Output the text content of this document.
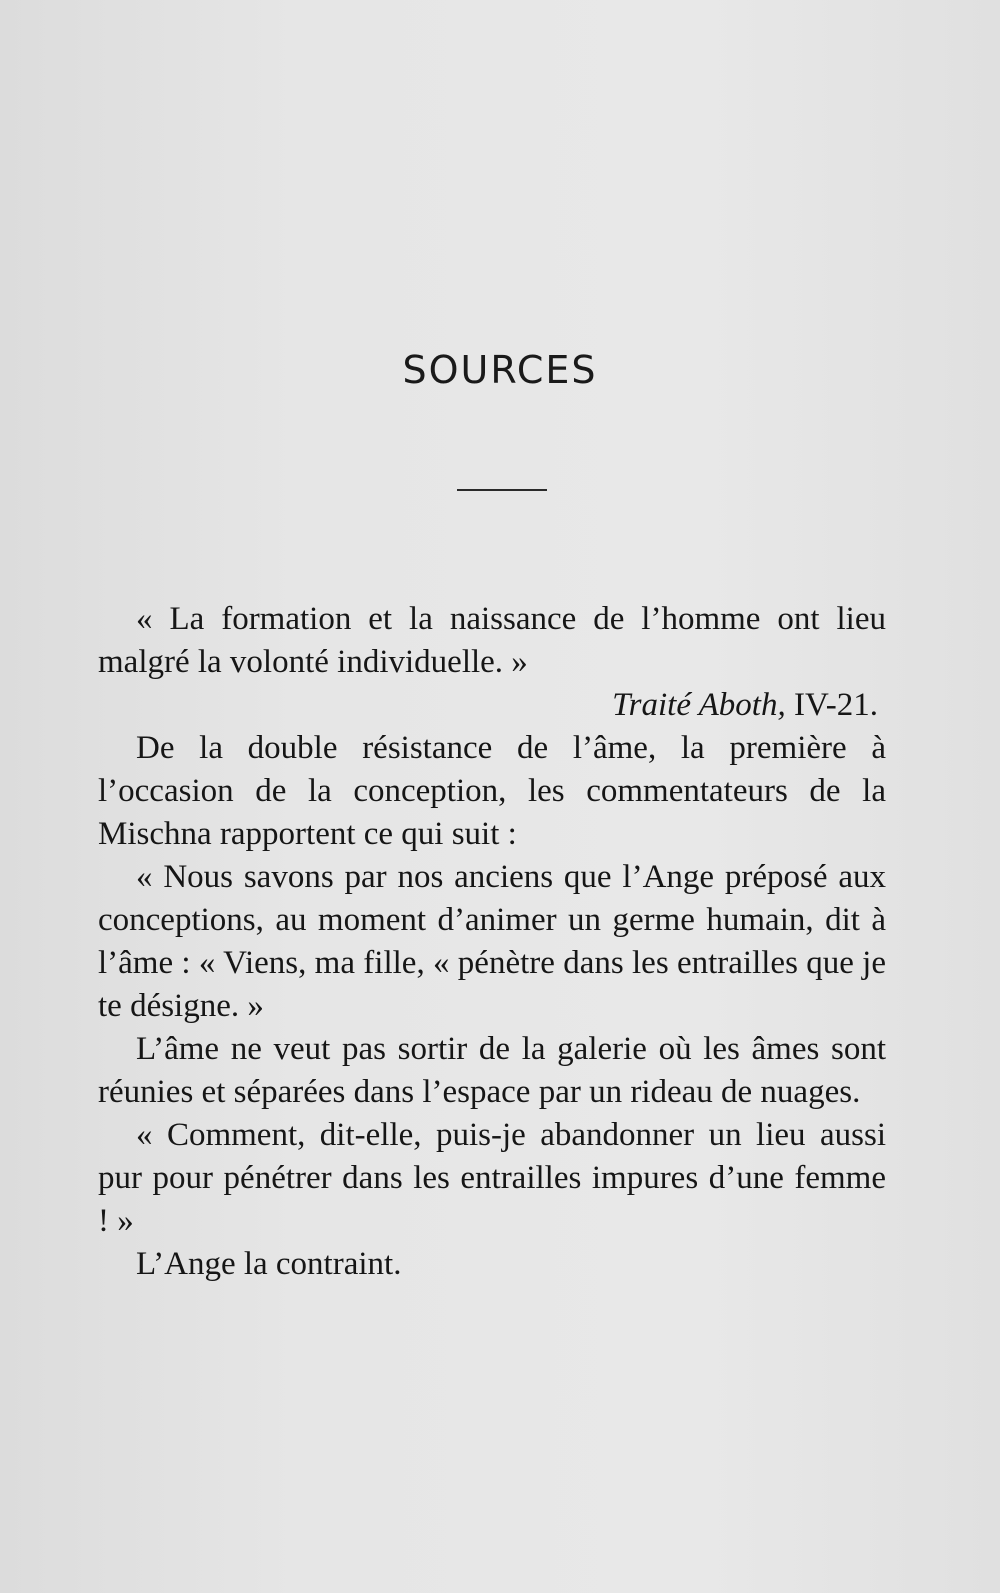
SOURCES

« La formation et la naissance de l’homme ont lieu malgré la volonté individuelle. »

Traité Aboth, IV-21.

De la double résistance de l’âme, la première à l’occasion de la conception, les commentateurs de la Mischna rapportent ce qui suit :

« Nous savons par nos anciens que l’Ange préposé aux conceptions, au moment d’animer un germe humain, dit à l’âme : « Viens, ma fille, « pénètre dans les entrailles que je te désigne. »

L’âme ne veut pas sortir de la galerie où les âmes sont réunies et séparées dans l’espace par un rideau de nuages.

« Comment, dit-elle, puis-je abandonner un lieu aussi pur pour pénétrer dans les entrailles impures d’une femme ! »

L’Ange la contraint.
